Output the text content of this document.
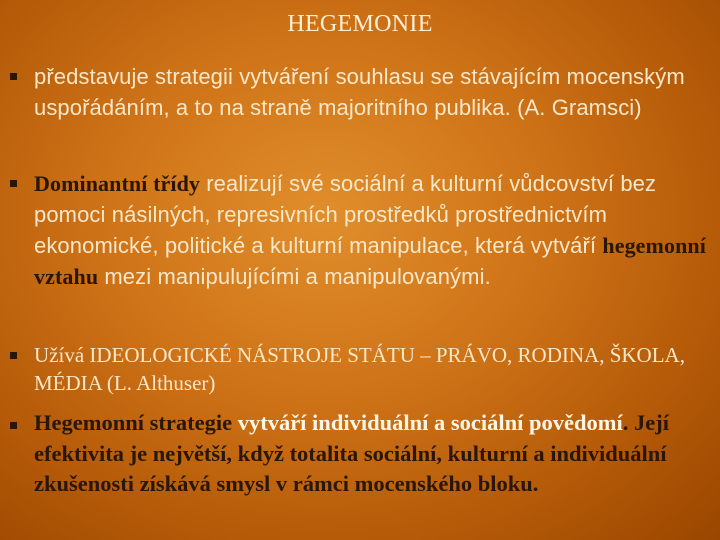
HEGEMONIE
představuje strategii vytváření souhlasu se stávajícím mocenským uspořádáním, a to na straně majoritního publika. (A. Gramsci)
Dominantní třídy realizují své sociální a kulturní vůdcovství bez pomoci násilných, represivních prostředků prostřednictvím ekonomické, politické a kulturní manipulace, která vytváří hegemonní vztahu mezi manipulujícími a manipulovanými.
Užívá IDEOLOGICKÉ NÁSTROJE STÁTU – PRÁVO, RODINA, ŠKOLA, MÉDIA (L. Althuser)
Hegemonní strategie vytváří individuální a sociální povědomí. Její efektivita je největší, když totalita sociální, kulturní a individuální zkušenosti získává smysl v rámci mocenského bloku.
